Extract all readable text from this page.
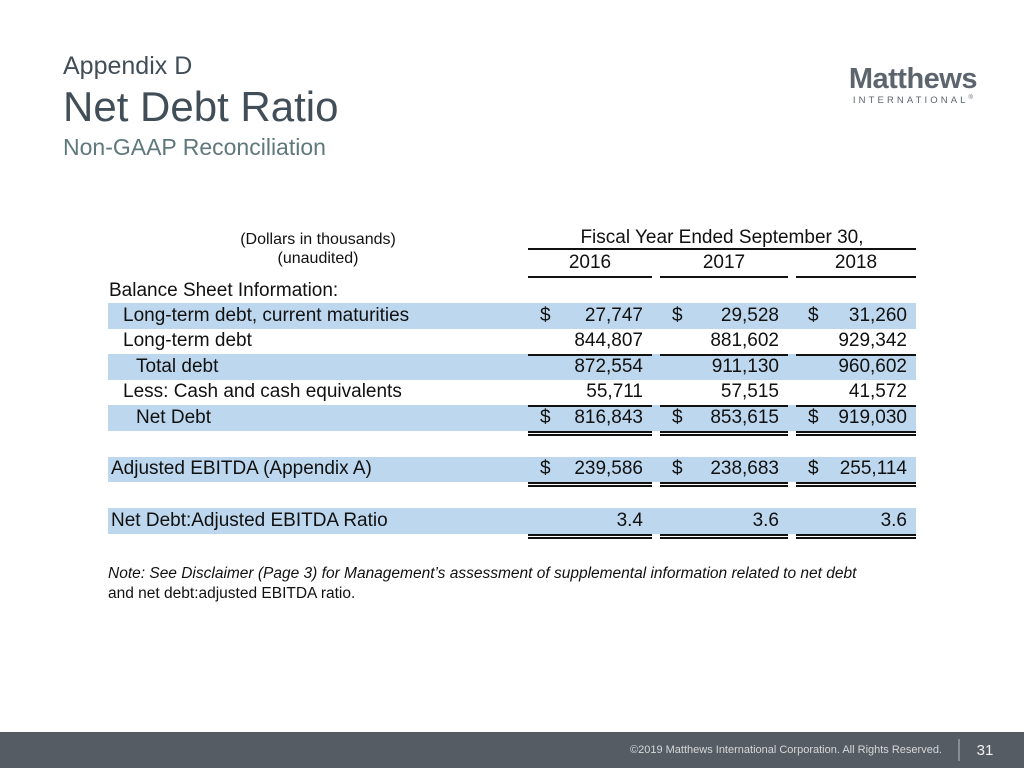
Appendix D
Net Debt Ratio
Non-GAAP Reconciliation
Matthews
INTERNATIONAL®
(Dollars in thousands)
(unaudited)
Fiscal Year Ended September 30,
2016	2017	2018
Balance Sheet Information:
Long-term debt, current maturities	$ 27,747 $ 29,528 $ 31,260
Long-term debt	844,807	881,602	929,342
Total debt	872,554	911,130	960,602
Less: Cash and cash equivalents	55,711	57,515	41,572
Net Debt	$ 816,843 $ 853,615 $ 919,030
Adjusted EBITDA (Appendix A)	$ 239,586 $ 238,683 $ 255,114
Net Debt:Adjusted EBITDA Ratio	3.4	3.6	3.6
Note: See Disclaimer (Page 3) for Management’s assessment of supplemental information related to net debt
and net debt:adjusted EBITDA ratio.
©2019 Matthews International Corporation. All Rights Reserved. 31
